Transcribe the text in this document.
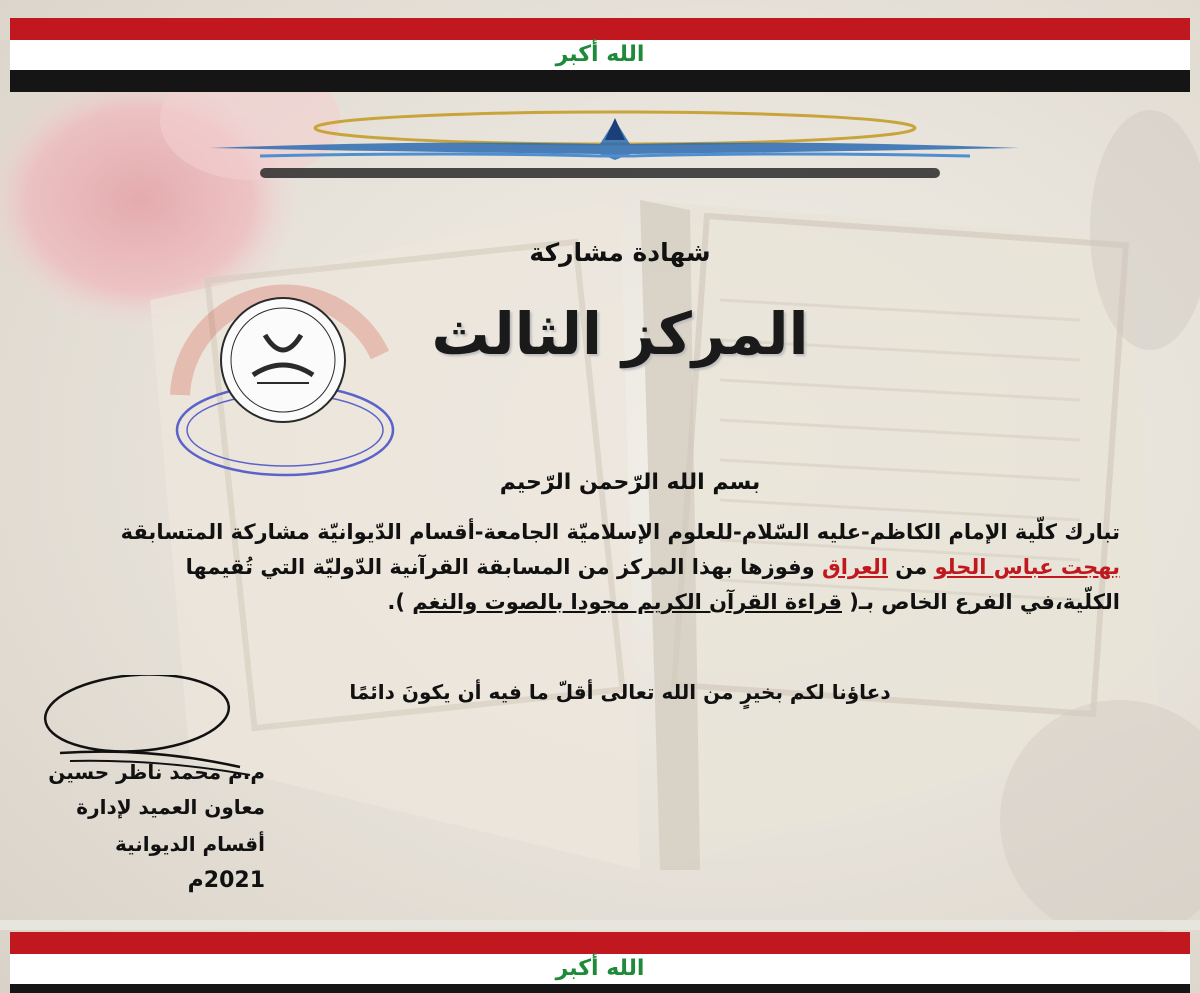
الله أكبر
شهادة مشاركة
المركز الثالث
بسم الله الرّحمن الرّحيم
تبارك كلّية الإمام الكاظم-عليه السّلام-للعلوم الإسلاميّة الجامعة-أقسام الدّيوانيّة مشاركة المتسابقة
بهجت عباس الحلو من العراق وفوزها بهذا المركز من المسابقة القرآنية الدّوليّة التي تُقيمها
الكلّية،في الفرع الخاص بـ( قراءة القرآن الكريم مجودا بالصوت والنغم ).
دعاؤنا لكم بخيرٍ من الله تعالى أقلّ ما فيه أن يكونَ دائمًا
م.م محمد ناظر حسين
معاون العميد لإدارة
أقسام الديوانية
2021م
الله أكبر
